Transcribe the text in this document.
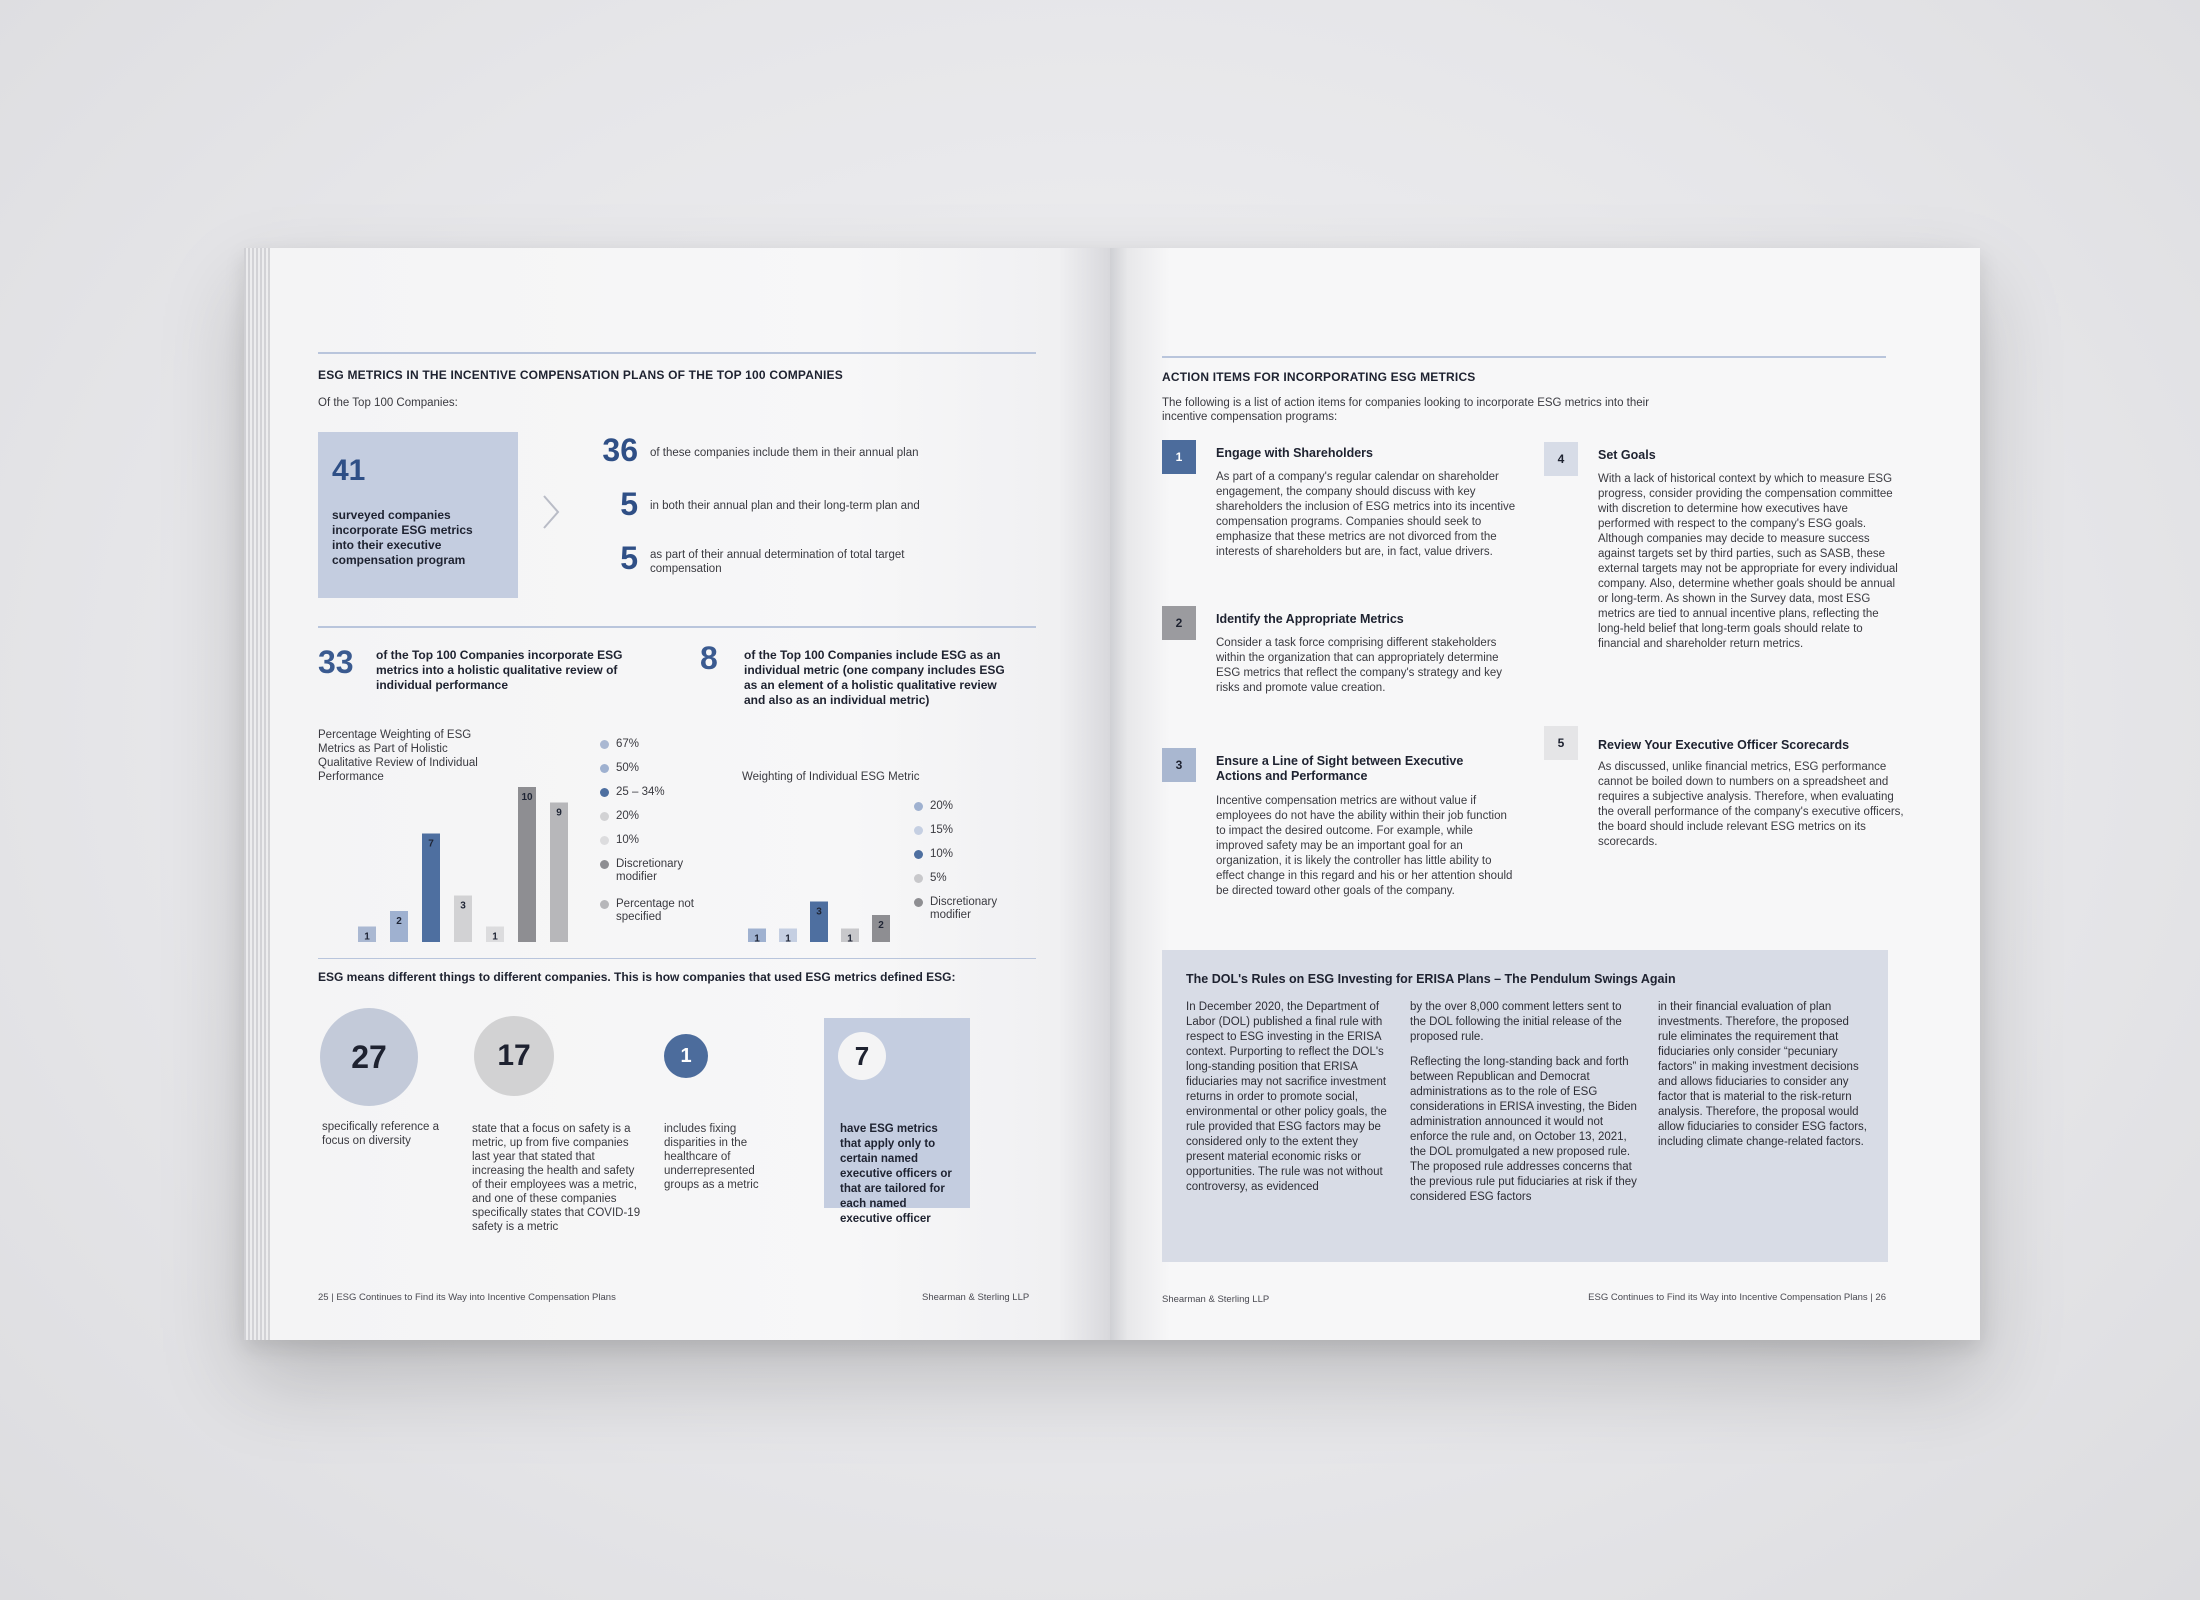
ESG METRICS IN THE INCENTIVE COMPENSATION PLANS OF THE TOP 100 COMPANIES
Of the Top 100 Companies:
41
surveyed companies incorporate ESG metrics into their executive compensation program
36 of these companies include them in their annual plan
5 in both their annual plan and their long-term plan and
5 as part of their annual determination of total target compensation
33 of the Top 100 Companies incorporate ESG metrics into a holistic qualitative review of individual performance
8 of the Top 100 Companies include ESG as an individual metric (one company includes ESG as an element of a holistic qualitative review and also as an individual metric)
Percentage Weighting of ESG Metrics as Part of Holistic Qualitative Review of Individual Performance
1
2
7
3
1
10
9
67%
50%
25 – 34%
20%
10%
Discretionary modifier
Percentage not specified
Weighting of Individual ESG Metric
1	1
3
1
2
20%
15%
10%
5%
Discretionary modifier
ESG means different things to different companies. This is how companies that used ESG metrics defined ESG:
27
specifically reference a focus on diversity
17
state that a focus on safety is a metric, up from five companies last year that stated that increasing the health and safety of their employees was a metric, and one of these companies specifically states that COVID-19 safety is a metric
1
includes fixing disparities in the healthcare of underrepresented groups as a metric
7
have ESG metrics that apply only to certain named executive officers or that are tailored for each named executive officer
25 | ESG Continues to Find its Way into Incentive Compensation Plans	Shearman & Sterling LLP
ACTION ITEMS FOR INCORPORATING ESG METRICS
The following is a list of action items for companies looking to incorporate ESG metrics into their incentive compensation programs:
1	Engage with Shareholders
As part of a company's regular calendar on shareholder engagement, the company should discuss with key shareholders the inclusion of ESG metrics into its incentive compensation programs. Companies should seek to emphasize that these metrics are not divorced from the interests of shareholders but are, in fact, value drivers.
2	Identify the Appropriate Metrics
Consider a task force comprising different stakeholders within the organization that can appropriately determine ESG metrics that reflect the company's strategy and key risks and promote value creation.
3	Ensure a Line of Sight between Executive Actions and Performance
Incentive compensation metrics are without value if employees do not have the ability within their job function to impact the desired outcome. For example, while improved safety may be an important goal for an organization, it is likely the controller has little ability to effect change in this regard and his or her attention should be directed toward other goals of the company.
4	Set Goals
With a lack of historical context by which to measure ESG progress, consider providing the compensation committee with discretion to determine how executives have performed with respect to the company's ESG goals. Although companies may decide to measure success against targets set by third parties, such as SASB, these external targets may not be appropriate for every individual company. Also, determine whether goals should be annual or long-term. As shown in the Survey data, most ESG metrics are tied to annual incentive plans, reflecting the long-held belief that long-term goals should relate to financial and shareholder return metrics.
5	Review Your Executive Officer Scorecards
As discussed, unlike financial metrics, ESG performance cannot be boiled down to numbers on a spreadsheet and requires a subjective analysis. Therefore, when evaluating the overall performance of the company's executive officers, the board should include relevant ESG metrics on its scorecards.
The DOL's Rules on ESG Investing for ERISA Plans – The Pendulum Swings Again
In December 2020, the Department of Labor (DOL) published a final rule with respect to ESG investing in the ERISA context. Purporting to reflect the DOL's long-standing position that ERISA fiduciaries may not sacrifice investment returns in order to promote social, environmental or other policy goals, the rule provided that ESG factors may be considered only to the extent they present material economic risks or opportunities. The rule was not without controversy, as evidenced

by the over 8,000 comment letters sent to the DOL following the initial release of the proposed rule.

Reflecting the long-standing back and forth between Republican and Democrat administrations as to the role of ESG considerations in ERISA investing, the Biden administration announced it would not enforce the rule and, on October 13, 2021, the DOL promulgated a new proposed rule. The proposed rule addresses concerns that the previous rule put fiduciaries at risk if they considered ESG factors

in their financial evaluation of plan investments. Therefore, the proposed rule eliminates the requirement that fiduciaries only consider “pecuniary factors” in making investment decisions and allows fiduciaries to consider any factor that is material to the risk-return analysis. Therefore, the proposal would allow fiduciaries to consider ESG factors, including climate change-related factors.
Shearman & Sterling LLP	ESG Continues to Find its Way into Incentive Compensation Plans | 26
